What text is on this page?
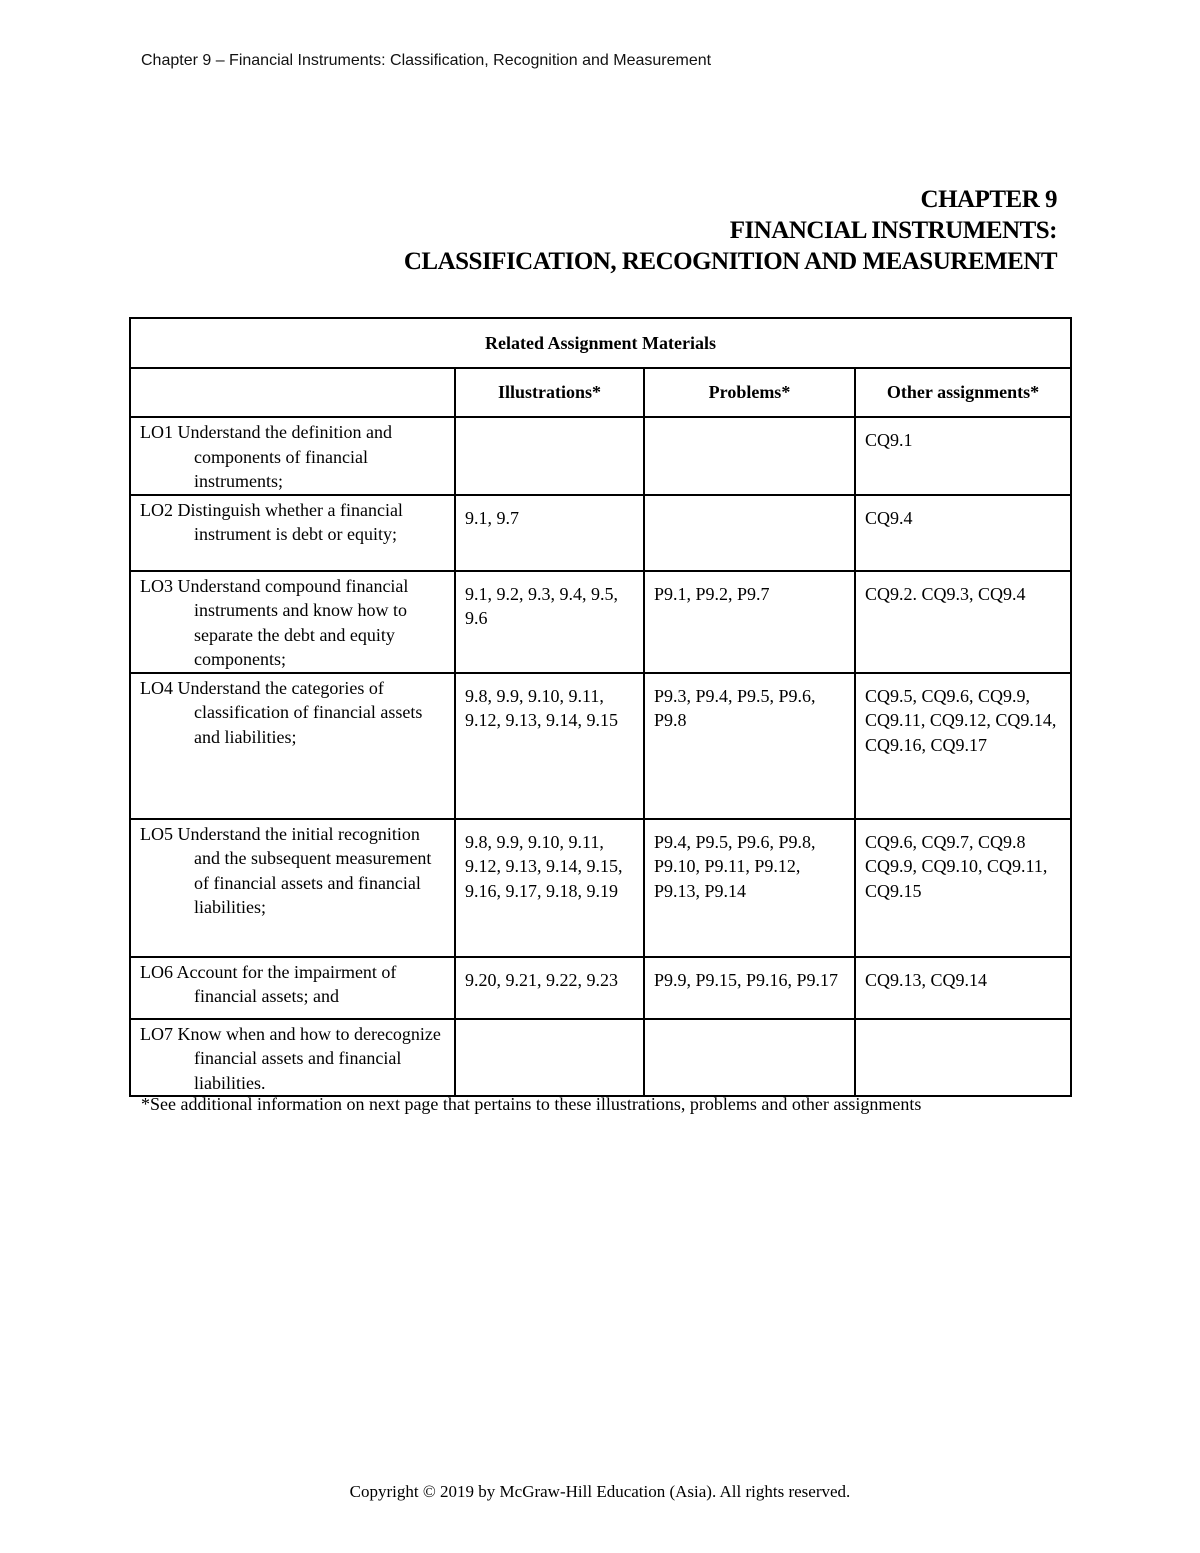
Chapter 9 – Financial Instruments: Classification, Recognition and Measurement
CHAPTER 9
FINANCIAL INSTRUMENTS:
CLASSIFICATION, RECOGNITION AND MEASUREMENT
Related Assignment Materials			
	Illustrations*	Problems*	Other assignments*

LO1 Understand the definition and components of financial instruments;			CQ9.1

LO2 Distinguish whether a financial instrument is debt or equity;	9.1, 9.7		CQ9.4

LO3 Understand compound financial instruments and know how to separate the debt and equity components;	9.1, 9.2, 9.3, 9.4, 9.5, 9.6	P9.1, P9.2, P9.7	CQ9.2. CQ9.3, CQ9.4

LO4 Understand the categories of classification of financial assets and liabilities;	9.8, 9.9, 9.10, 9.11, 9.12, 9.13, 9.14, 9.15	P9.3, P9.4, P9.5, P9.6, P9.8	CQ9.5, CQ9.6, CQ9.9, CQ9.11, CQ9.12, CQ9.14, CQ9.16, CQ9.17

LO5 Understand the initial recognition and the subsequent measurement of financial assets and financial liabilities;	9.8, 9.9, 9.10, 9.11, 9.12, 9.13, 9.14, 9.15, 9.16, 9.17, 9.18, 9.19	P9.4, P9.5, P9.6, P9.8, P9.10, P9.11, P9.12, P9.13, P9.14	CQ9.6, CQ9.7, CQ9.8 CQ9.9, CQ9.10, CQ9.11, CQ9.15

LO6 Account for the impairment of financial assets; and	9.20, 9.21, 9.22, 9.23	P9.9, P9.15, P9.16, P9.17	CQ9.13, CQ9.14

LO7 Know when and how to derecognize financial assets and financial liabilities.			

*See additional information on next page that pertains to these illustrations, problems and other assignments
Copyright © 2019 by McGraw-Hill Education (Asia). All rights reserved.
